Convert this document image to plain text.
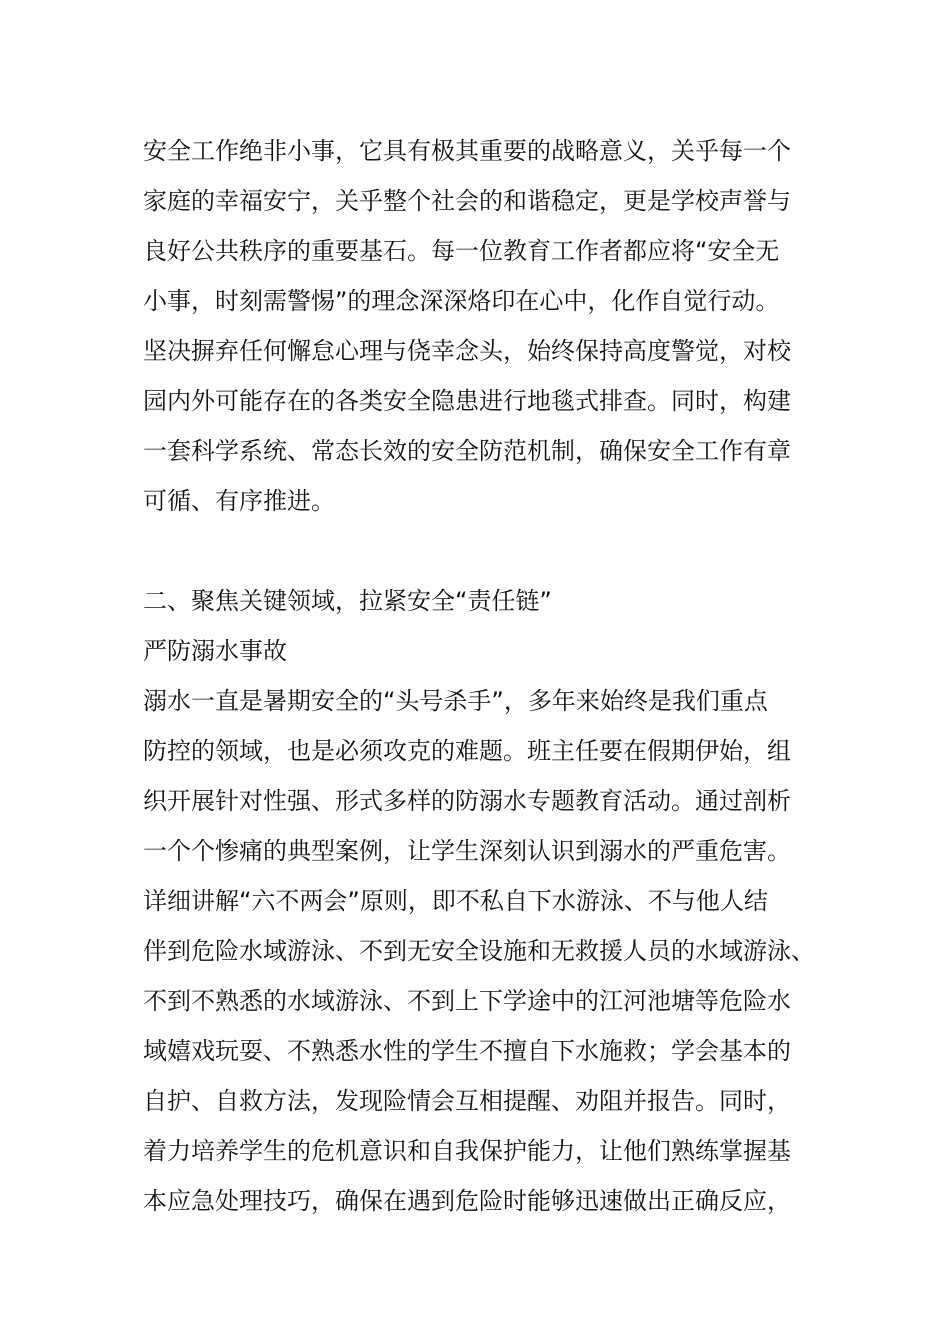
安全工作绝非小事，它具有极其重要的战略意义，关乎每一个
家庭的幸福安宁，关乎整个社会的和谐稳定，更是学校声誉与
良好公共秩序的重要基石。每一位教育工作者都应将“安全无
小事，时刻需警惕”的理念深深烙印在心中，化作自觉行动。
坚决摒弃任何懈怠心理与侥幸念头，始终保持高度警觉，对校
园内外可能存在的各类安全隐患进行地毯式排查。同时，构建
一套科学系统、常态长效的安全防范机制，确保安全工作有章
可循、有序推进。
二、聚焦关键领域，拉紧安全“责任链”
严防溺水事故
溺水一直是暑期安全的“头号杀手”，多年来始终是我们重点
防控的领域，也是必须攻克的难题。班主任要在假期伊始，组
织开展针对性强、形式多样的防溺水专题教育活动。通过剖析
一个个惨痛的典型案例，让学生深刻认识到溺水的严重危害。
详细讲解“六不两会”原则，即不私自下水游泳、不与他人结
伴到危险水域游泳、不到无安全设施和无救援人员的水域游泳、
不到不熟悉的水域游泳、不到上下学途中的江河池塘等危险水
域嬉戏玩耍、不熟悉水性的学生不擅自下水施救；学会基本的
自护、自救方法，发现险情会互相提醒、劝阻并报告。同时，
着力培养学生的危机意识和自我保护能力，让他们熟练掌握基
本应急处理技巧，确保在遇到危险时能够迅速做出正确反应，
